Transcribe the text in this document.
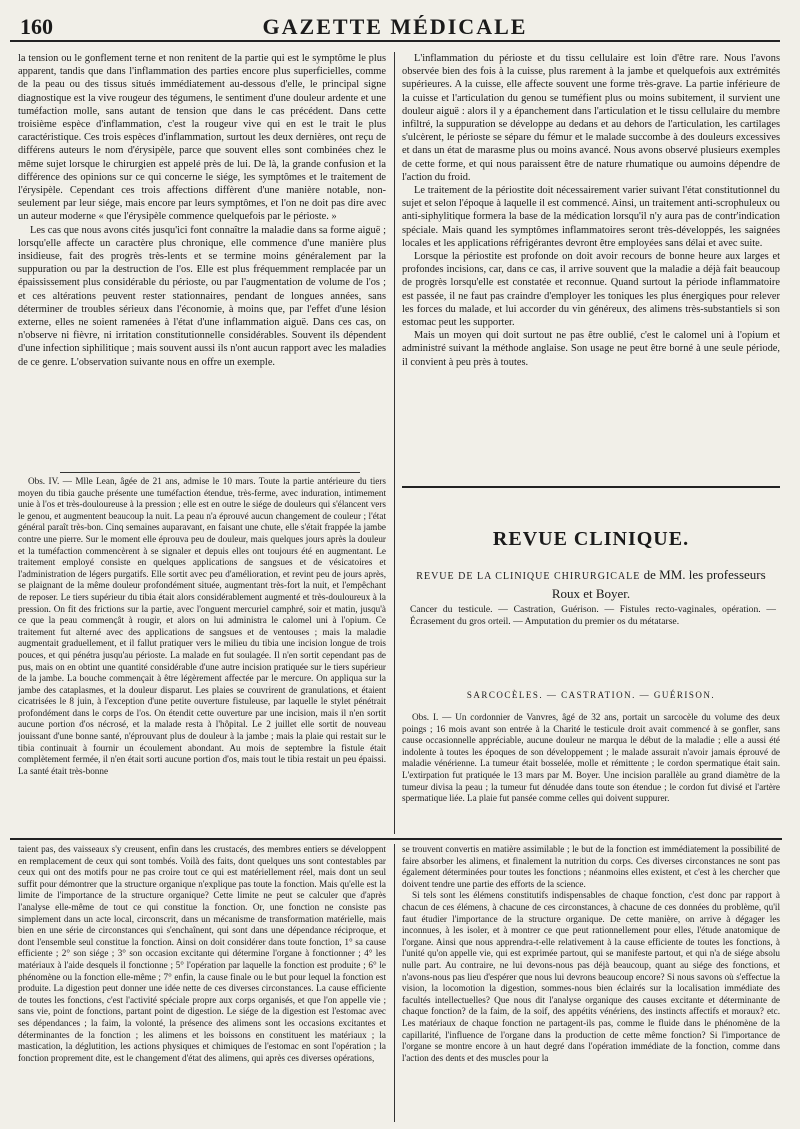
160	GAZETTE MÉDICALE

la tension ou le gonflement terne et non renitent de la partie qui est le symptôme le plus apparent, tandis que dans l'inflammation des parties encore plus superficielles, comme de la peau ou des tissus situés immédiatement au-dessous d'elle, le principal signe diagnostique est la vive rougeur des tégumens, le sentiment d'une douleur ardente et une tuméfaction molle, sans autant de tension que dans le cas précédent. Dans cette troisième espèce d'inflammation, c'est la rougeur vive qui en est le trait le plus caractéristique. Ces trois espèces d'inflammation, surtout les deux dernières, ont reçu de différens auteurs le nom d'érysipèle, parce que souvent elles sont combinées chez le même sujet lorsque le chirurgien est appelé près de lui. De là, la grande confusion et la différence des opinions sur ce qui concerne le siége, les symptômes et le traitement de l'érysipèle. Cependant ces trois affections diffèrent d'une manière notable, non-seulement par leur siége, mais encore par leurs symptômes, et l'on ne doit pas dire avec un auteur moderne « que l'érysipèle commence quelquefois par le périoste. »

Les cas que nous avons cités jusqu'ici font connaître la maladie dans sa forme aiguë ; lorsqu'elle affecte un caractère plus chronique, elle commence d'une manière plus insidieuse, fait des progrès très-lents et se termine moins généralement par la suppuration ou par la destruction de l'os. Elle est plus fréquemment remplacée par un épaississement plus considérable du périoste, ou par l'augmentation de volume de l'os ; et ces altérations peuvent rester stationnaires, pendant de longues années, sans déterminer de troubles sérieux dans l'économie, à moins que, par l'effet d'une lésion externe, elles ne soient ramenées à l'état d'une inflammation aiguë. Dans ces cas, on n'observe ni fièvre, ni irritation constitutionnelle considérables. Souvent ils dépendent d'une infection siphilitique ; mais souvent aussi ils n'ont aucun rapport avec les maladies de ce genre. L'observation suivante nous en offre un exemple.

Obs. IV. — Mlle Lean, âgée de 21 ans, admise le 10 mars. Toute la partie antérieure du tiers moyen du tibia gauche présente une tuméfaction étendue, très-ferme, avec induration, intimement unie à l'os et très-douloureuse à la pression ; elle est en outre le siége de douleurs qui s'élancent vers le genou, et augmentent beaucoup la nuit. La peau n'a éprouvé aucun changement de couleur ; l'état général paraît très-bon. Cinq semaines auparavant, en faisant une chute, elle s'était frappée la jambe contre une pierre. Sur le moment elle éprouva peu de douleur, mais quelques jours après la douleur et la tuméfaction commencèrent à se signaler et depuis elles ont toujours été en augmentant. Le traitement employé consiste en quelques applications de sangsues et de vésicatoires et l'administration de légers purgatifs. Elle sortit avec peu d'amélioration, et revint peu de jours après, se plaignant de la même douleur profondément située, augmentant très-fort la nuit, et l'empêchant de reposer. Le tiers supérieur du tibia était alors considérablement augmenté et très-douloureux à la pression. On fit des frictions sur la partie, avec l'onguent mercuriel camphré, soir et matin, jusqu'à ce que la peau commençât à rougir, et alors on lui administra le calomel uni à l'opium. Ce traitement fut alterné avec des applications de sangsues et de ventouses ; mais la maladie augmentait graduellement, et il fallut pratiquer vers le milieu du tibia une incision longue de trois pouces, et qui pénétra jusqu'au périoste. La malade en fut soulagée. Il n'en sortit cependant pas de pus, mais on en obtint une quantité considérable d'une autre incision pratiquée sur le tiers supérieur de la jambe. La bouche commençait à être légèrement affectée par le mercure. On appliqua sur la jambe des cataplasmes, et la douleur disparut. Les plaies se couvrirent de granulations, et étaient cicatrisées le 8 juin, à l'exception d'une petite ouverture fistuleuse, par laquelle le stylet pénétrait profondément dans le corps de l'os. On étendit cette ouverture par une incision, mais il n'en sortit aucune portion d'os nécrosé, et la malade resta à l'hôpital. Le 2 juillet elle sortit de nouveau jouissant d'une bonne santé, n'éprouvant plus de douleur à la jambe ; mais la plaie qui restait sur le tibia continuait à fournir un écoulement abondant. Au mois de septembre la fistule était complètement fermée, il n'en était sorti aucune portion d'os, mais tout le tibia restait un peu épaissi. La santé était très-bonne

L'inflammation du périoste et du tissu cellulaire est loin d'être rare. Nous l'avons observée bien des fois à la cuisse, plus rarement à la jambe et quelquefois aux extrémités supérieures. A la cuisse, elle affecte souvent une forme très-grave. La partie inférieure de la cuisse et l'articulation du genou se tuméfient plus ou moins subitement, il survient une douleur aiguë : alors il y a épanchement dans l'articulation et le tissu cellulaire du membre infiltré, la suppuration se développe au dedans et au dehors de l'articulation, les cartilages s'ulcèrent, le périoste se sépare du fémur et le malade succombe à des douleurs excessives et dans un état de marasme plus ou moins avancé. Nous avons observé plusieurs exemples de cette forme, et qui nous paraissent être de nature rhumatique ou aumoins dépendre de l'action du froid.

Le traitement de la périostite doit nécessairement varier suivant l'état constitutionnel du sujet et selon l'époque à laquelle il est commencé. Ainsi, un traitement anti-scrophuleux ou anti-siphylitique formera la base de la médication lorsqu'il n'y aura pas de contr'indication spéciale. Mais quand les symptômes inflammatoires seront très-développés, les saignées locales et les applications réfrigérantes devront être employées sans délai et avec suite.

Lorsque la périostite est profonde on doit avoir recours de bonne heure aux larges et profondes incisions, car, dans ce cas, il arrive souvent que la maladie a déjà fait beaucoup de progrès lorsqu'elle est constatée et reconnue. Quand surtout la période inflammatoire est passée, il ne faut pas craindre d'employer les toniques les plus énergiques pour relever les forces du malade, et lui accorder du vin généreux, des alimens très-substantiels si son estomac peut les supporter.

Mais un moyen qui doit surtout ne pas être oublié, c'est le calomel uni à l'opium et administré suivant la méthode anglaise. Son usage ne peut être borné à une seule période, il convient à peu près à toutes.

REVUE CLINIQUE.
REVUE DE LA CLINIQUE CHIRURGICALE de MM. les professeurs Roux et Boyer.
Cancer du testicule. — Castration, Guérison. — Fistules recto-vaginales, opération. — Écrasement du gros orteil. — Amputation du premier os du métatarse.
SARCOCÈLES. — CASTRATION. — GUÉRISON.

Obs. I. — Un cordonnier de Vanvres, âgé de 32 ans, portait un sarcocèle du volume des deux poings ; 16 mois avant son entrée à la Charité le testicule droit avait commencé à se gonfler, sans cause occasionnelle appréciable, aucune douleur ne marqua le début de la maladie ; elle a aussi été indolente à toutes les époques de son développement ; le malade assurait n'avoir jamais éprouvé de maladie vénérienne. La tumeur était bosselée, molle et rémittente ; le cordon spermatique était sain. L'extirpation fut pratiquée le 13 mars par M. Boyer. Une incision parallèle au grand diamètre de la tumeur divisa la peau ; la tumeur fut dénudée dans toute son étendue ; le cordon fut divisé et l'artère spermatique liée. La plaie fut pansée comme celles qui doivent suppurer.

taient pas, des vaisseaux s'y creusent, enfin dans les crustacés, des membres entiers se développent en remplacement de ceux qui sont tombés. Voilà des faits, dont quelques uns sont contestables par ceux qui ont des motifs pour ne pas croire tout ce qui est matériellement réel, mais dont un seul suffit pour démontrer que la structure organique n'explique pas toute la fonction. Mais qu'elle est la limite de l'importance de la structure organique? Cette limite ne peut se calculer que d'après l'analyse elle-même de tout ce qui constitue la fonction. Or, une fonction ne consiste pas simplement dans un acte local, circonscrit, dans un mécanisme de transformation matérielle, mais bien en une série de circonstances qui s'enchaînent, qui sont dans une dépendance réciproque, et dont l'ensemble seul constitue la fonction. Ainsi on doit considérer dans toute fonction, 1° sa cause efficiente ; 2° son siége ; 3° son occasion excitante qui détermine l'organe à fonctionner ; 4° les matériaux à l'aide desquels il fonctionne ; 5° l'opération par laquelle la fonction est produite ; 6° le phénomène ou la fonction elle-même ; 7° enfin, la cause finale ou le but pour lequel la fonction est produite. La digestion peut donner une idée nette de ces diverses circonstances. La cause efficiente de toutes les fonctions, c'est l'activité spéciale propre aux corps organisés, et que l'on appelle vie ; sans vie, point de fonctions, partant point de digestion. Le siége de la digestion est l'estomac avec ses dépendances ; la faim, la volonté, la présence des alimens sont les occasions excitantes et déterminantes de la fonction ; les alimens et les boissons en constituent les matériaux ; la mastication, la déglutition, les actions physiques et chimiques de l'estomac en sont l'opération ; la fonction proprement dite, est le changement d'état des alimens, qui après ces diverses opérations,

se trouvent convertis en matière assimilable ; le but de la fonction est immédiatement la possibilité de faire absorber les alimens, et finalement la nutrition du corps. Ces diverses circonstances ne sont pas également déterminées pour toutes les fonctions ; néanmoins elles existent, et c'est à les chercher que doivent tendre une partie des efforts de la science.

Si tels sont les élémens constitutifs indispensables de chaque fonction, c'est donc par rapport à chacun de ces élémens, à chacune de ces circonstances, à chacune de ces données du problème, qu'il faut étudier l'importance de la structure organique. De cette manière, on arrive à dégager les inconnues, à les isoler, et à montrer ce que peut rationnellement pour elles, l'étude anatomique de l'organe. Ainsi que nous apprendra-t-elle relativement à la cause efficiente de toutes les fonctions, à l'unité qu'on appelle vie, qui est exprimée partout, qui se manifeste partout, et qui n'a de siége absolu nulle part. Au contraire, ne lui devons-nous pas déjà beaucoup, quant au siége des fonctions, et n'avons-nous pas lieu d'espérer que nous lui devrons beaucoup encore? Si nous savons où s'effectue la vision, la locomotion la digestion, sommes-nous bien éclairés sur la localisation immédiate des facultés intellectuelles? Que nous dit l'analyse organique des causes excitante et déterminante de chaque fonction? de la faim, de la soif, des appétits vénériens, des instincts affectifs et moraux? etc. Les matériaux de chaque fonction ne partagent-ils pas, comme le fluide dans le phénomène de la capillarité, l'influence de l'organe dans la production de cette même fonction? Si l'importance de l'organe se montre encore à un haut degré dans l'opération immédiate de la fonction, comme dans l'action des dents et des muscles pour la
